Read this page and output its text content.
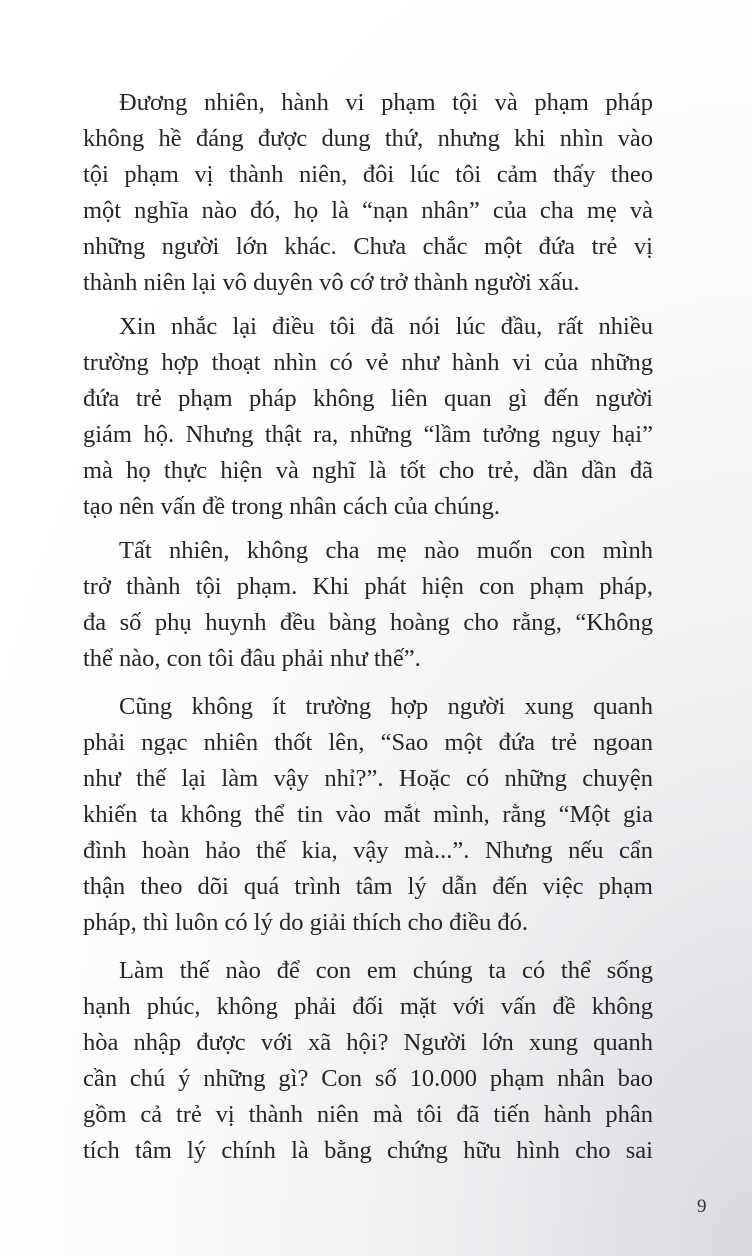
Đương nhiên, hành vi phạm tội và phạm pháp
không hề đáng được dung thứ, nhưng khi nhìn vào
tội phạm vị thành niên, đôi lúc tôi cảm thấy theo
một nghĩa nào đó, họ là “nạn nhân” của cha mẹ và
những người lớn khác. Chưa chắc một đứa trẻ vị
thành niên lại vô duyên vô cớ trở thành người xấu.
Xin nhắc lại điều tôi đã nói lúc đầu, rất nhiều
trường hợp thoạt nhìn có vẻ như hành vi của những
đứa trẻ phạm pháp không liên quan gì đến người
giám hộ. Nhưng thật ra, những “lầm tưởng nguy hại”
mà họ thực hiện và nghĩ là tốt cho trẻ, dần dần đã
tạo nên vấn đề trong nhân cách của chúng.
Tất nhiên, không cha mẹ nào muốn con mình
trở thành tội phạm. Khi phát hiện con phạm pháp,
đa số phụ huynh đều bàng hoàng cho rằng, “Không
thể nào, con tôi đâu phải như thế”.
Cũng không ít trường hợp người xung quanh
phải ngạc nhiên thốt lên, “Sao một đứa trẻ ngoan
như thế lại làm vậy nhỉ?”. Hoặc có những chuyện
khiến ta không thể tin vào mắt mình, rằng “Một gia
đình hoàn hảo thế kia, vậy mà...”. Nhưng nếu cẩn
thận theo dõi quá trình tâm lý dẫn đến việc phạm
pháp, thì luôn có lý do giải thích cho điều đó.
Làm thế nào để con em chúng ta có thể sống
hạnh phúc, không phải đối mặt với vấn đề không
hòa nhập được với xã hội? Người lớn xung quanh
cần chú ý những gì? Con số 10.000 phạm nhân bao
gồm cả trẻ vị thành niên mà tôi đã tiến hành phân
tích tâm lý chính là bằng chứng hữu hình cho sai
9
